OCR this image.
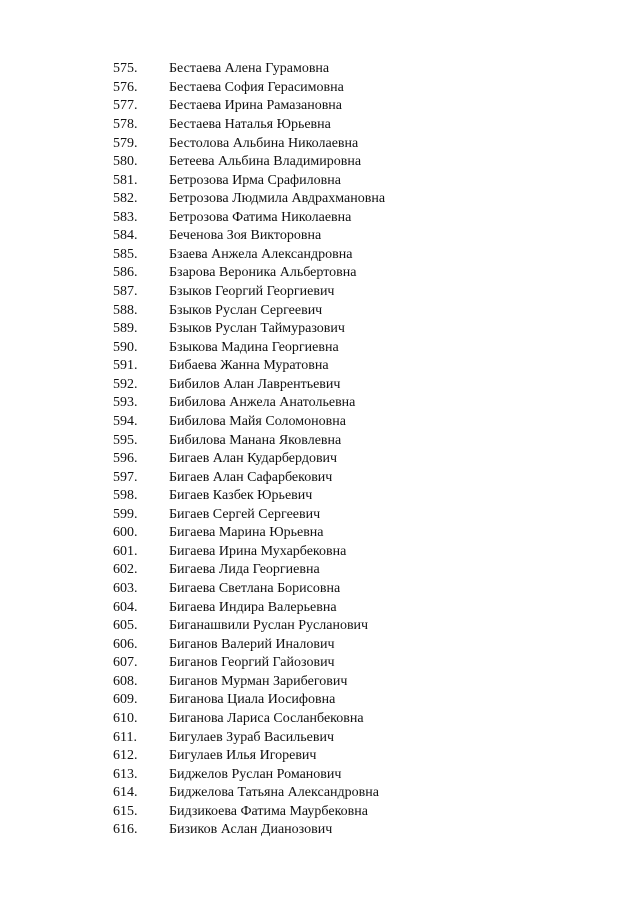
575.	Бестаева Алена Гурамовна
576.	Бестаева София Герасимовна
577.	Бестаева Ирина Рамазановна
578.	Бестаева Наталья Юрьевна
579.	Бестолова Альбина Николаевна
580.	Бетеева Альбина Владимировна
581.	Бетрозова Ирма Срафиловна
582.	Бетрозова Людмила Авдрахмановна
583.	Бетрозова Фатима Николаевна
584.	Беченова Зоя Викторовна
585.	Бзаева Анжела Александровна
586.	Бзарова Вероника Альбертовна
587.	Бзыков Георгий Георгиевич
588.	Бзыков Руслан Сергеевич
589.	Бзыков Руслан Таймуразович
590.	Бзыкова Мадина Георгиевна
591.	Бибаева Жанна Муратовна
592.	Бибилов Алан Лаврентьевич
593.	Бибилова Анжела Анатольевна
594.	Бибилова Майя Соломоновна
595.	Бибилова Манана Яковлевна
596.	Бигаев Алан Кударбердович
597.	Бигаев Алан Сафарбекович
598.	Бигаев Казбек Юрьевич
599.	Бигаев Сергей Сергеевич
600.	Бигаева Марина Юрьевна
601.	Бигаева Ирина Мухарбековна
602.	Бигаева Лида Георгиевна
603.	Бигаева Светлана Борисовна
604.	Бигаева Индира Валерьевна
605.	Биганашвили Руслан Русланович
606.	Биганов Валерий Иналович
607.	Биганов Георгий Гайозович
608.	Биганов Мурман Зарибегович
609.	Биганова Циала Иосифовна
610.	Биганова Лариса Сосланбековна
611.	Бигулаев Зураб Васильевич
612.	Бигулаев Илья Игоревич
613.	Биджелов Руслан Романович
614.	Биджелова Татьяна Александровна
615.	Бидзикоева Фатима Маурбековна
616.	Бизиков Аслан Дианозович
